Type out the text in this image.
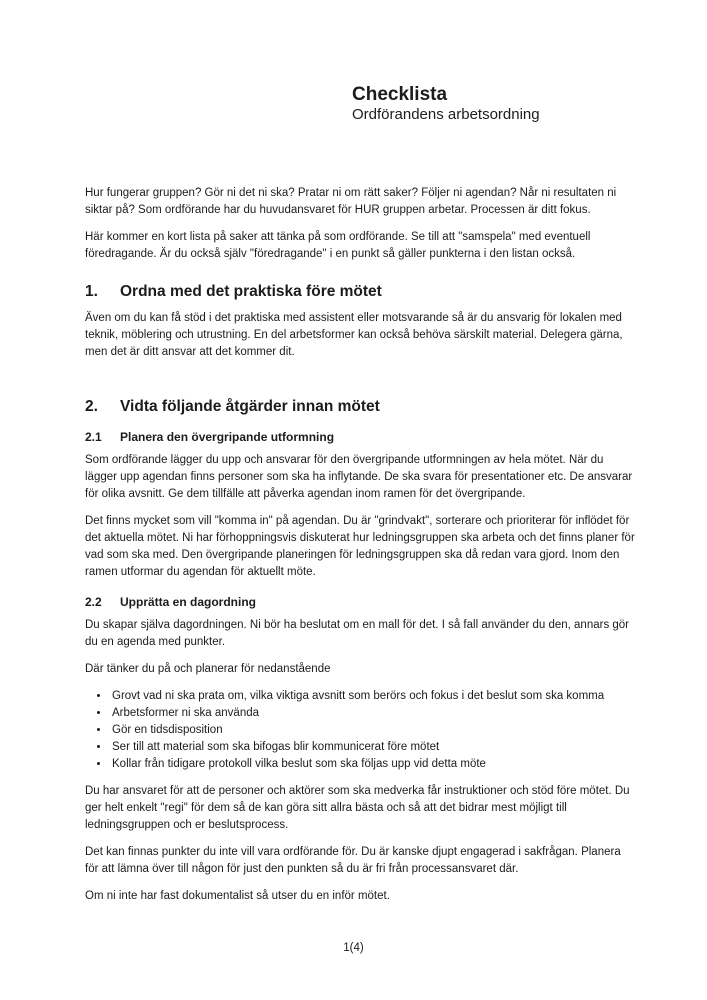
Checklista
Ordförandens arbetsordning

Hur fungerar gruppen? Gör ni det ni ska? Pratar ni om rätt saker? Följer ni agendan? Når ni resultaten ni siktar på? Som ordförande har du huvudansvaret för HUR gruppen arbetar. Processen är ditt fokus.

Här kommer en kort lista på saker att tänka på som ordförande. Se till att "samspela" med eventuell föredragande. Är du också själv "föredragande" i en punkt så gäller punkterna i den listan också.

1. Ordna med det praktiska före mötet

Även om du kan få stöd i det praktiska med assistent eller motsvarande så är du ansvarig för lokalen med teknik, möblering och utrustning. En del arbetsformer kan också behöva särskilt material. Delegera gärna, men det är ditt ansvar att det kommer dit.

2. Vidta följande åtgärder innan mötet
2.1 Planera den övergripande utformning

Som ordförande lägger du upp och ansvarar för den övergripande utformningen av hela mötet. När du lägger upp agendan finns personer som ska ha inflytande. De ska svara för presentationer etc. De ansvarar för olika avsnitt. Ge dem tillfälle att påverka agendan inom ramen för det övergripande.

Det finns mycket som vill "komma in" på agendan. Du är "grindvakt", sorterare och prioriterar för inflödet för det aktuella mötet. Ni har förhoppningsvis diskuterat hur ledningsgruppen ska arbeta och det finns planer för vad som ska med. Den övergripande planeringen för ledningsgruppen ska då redan vara gjord. Inom den ramen utformar du agendan för aktuellt möte.

2.2 Upprätta en dagordning

Du skapar själva dagordningen. Ni bör ha beslutat om en mall för det. I så fall använder du den, annars gör du en agenda med punkter.

Där tänker du på och planerar för nedanstående

• Grovt vad ni ska prata om, vilka viktiga avsnitt som berörs och fokus i det beslut som ska komma
• Arbetsformer ni ska använda
• Gör en tidsdisposition
• Ser till att material som ska bifogas blir kommunicerat före mötet
• Kollar från tidigare protokoll vilka beslut som ska följas upp vid detta möte

Du har ansvaret för att de personer och aktörer som ska medverka får instruktioner och stöd före mötet. Du ger helt enkelt "regi" för dem så de kan göra sitt allra bästa och så att det bidrar mest möjligt till ledningsgruppen och er beslutsprocess.

Det kan finnas punkter du inte vill vara ordförande för. Du är kanske djupt engagerad i sakfrågan. Planera för att lämna över till någon för just den punkten så du är fri från processansvaret där.

Om ni inte har fast dokumentalist så utser du en inför mötet.

1(4)
